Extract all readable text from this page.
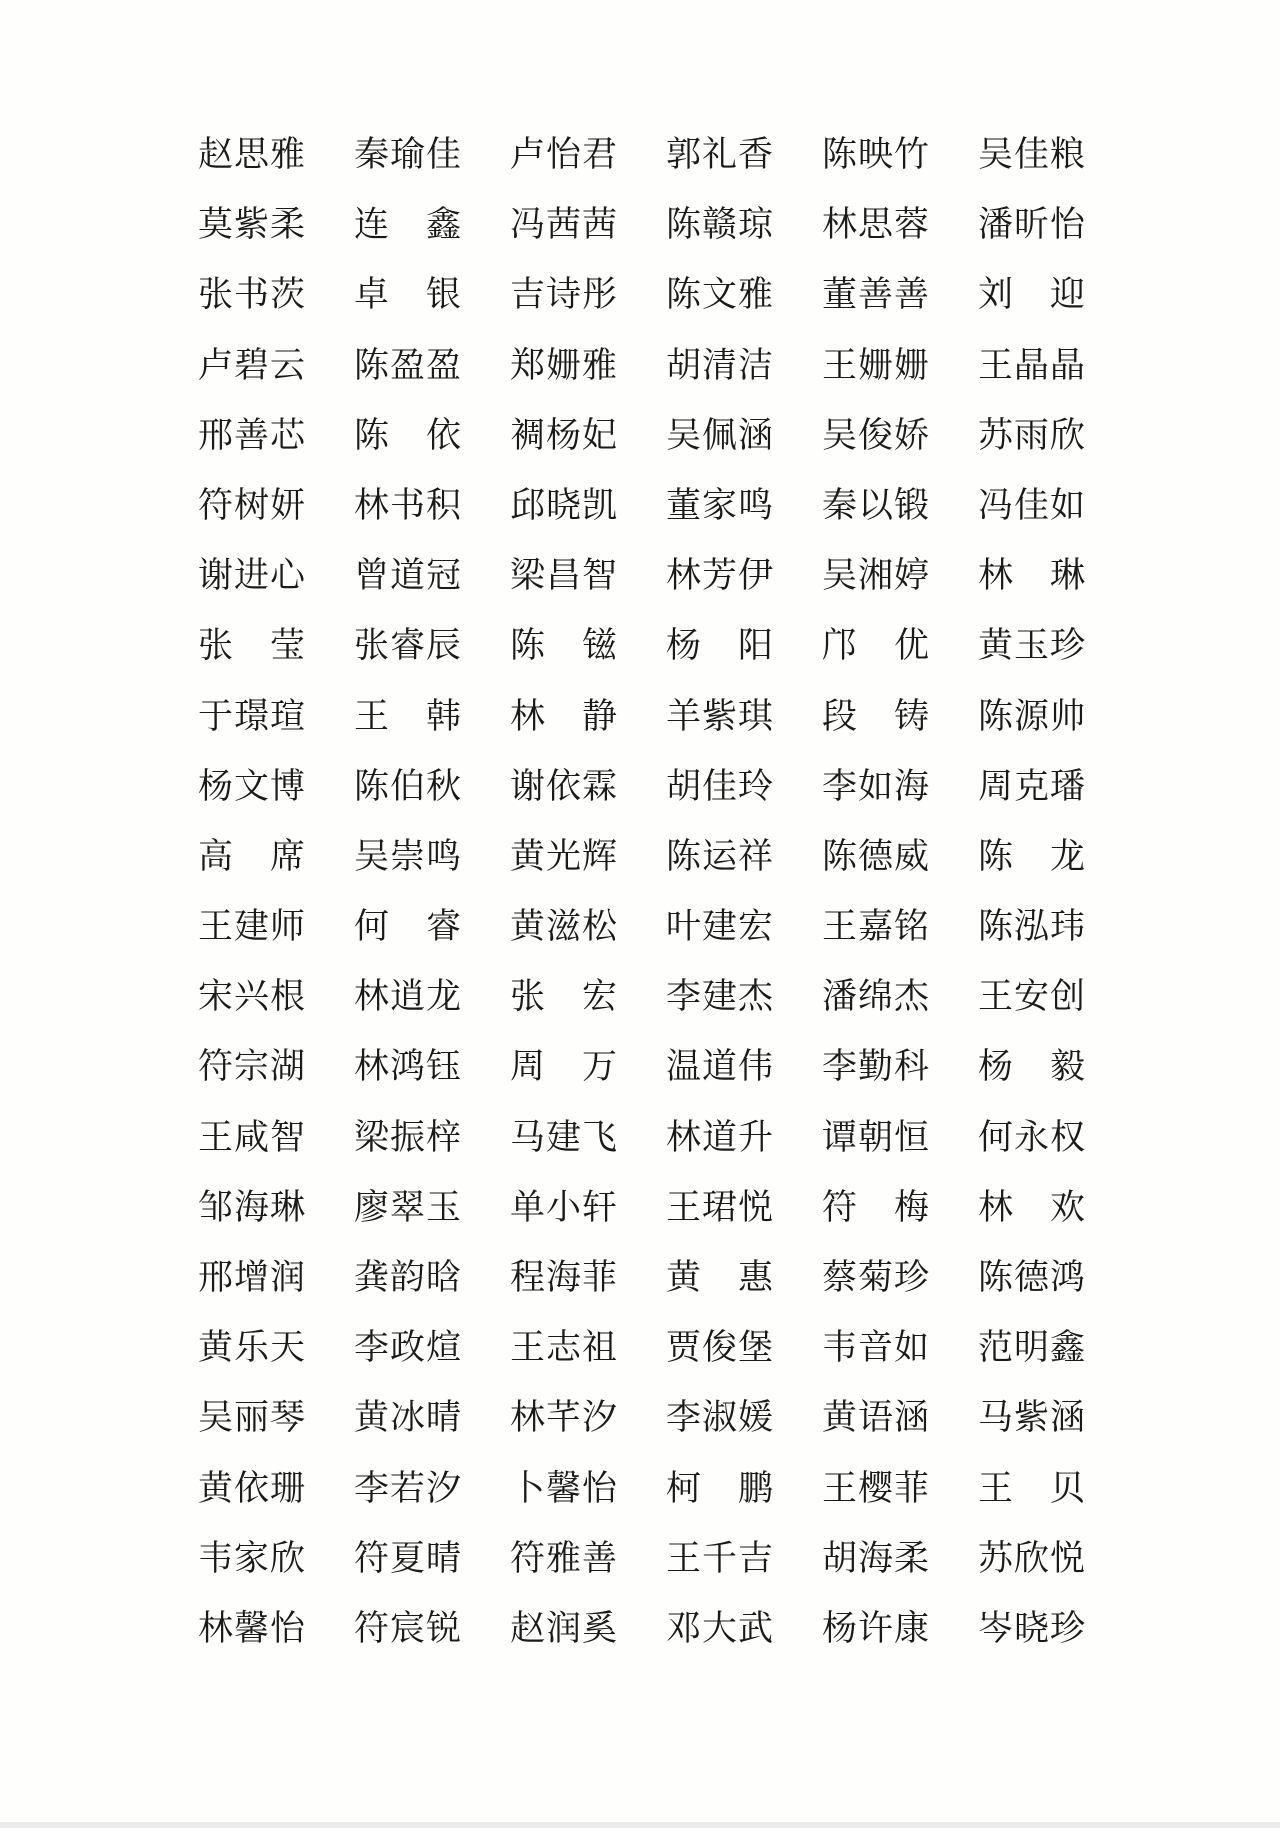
赵思雅	秦瑜佳	卢怡君	郭礼香	陈映竹	吴佳粮
莫紫柔	连　鑫	冯茜茜	陈赣琼	林思蓉	潘昕怡
张书茨	卓　银	吉诗彤	陈文雅	董善善	刘　迎
卢碧云	陈盈盈	郑姗雅	胡清洁	王姗姗	王晶晶
邢善芯	陈　依	裯杨妃	吴佩涵	吴俊娇	苏雨欣
符树妍	林书积	邱晓凯	董家鸣	秦以锻	冯佳如
谢进心	曾道冠	梁昌智	林芳伊	吴湘婷	林　琳
张　莹	张睿辰	陈　镃	杨　阳	邝　优	黄玉珍
于璟瑄	王　韩	林　静	羊紫琪	段　铸	陈源帅
杨文博	陈伯秋	谢依霖	胡佳玲	李如海	周克璠
高　席	吴崇鸣	黄光辉	陈运祥	陈德威	陈　龙
王建师	何　睿	黄滋松	叶建宏	王嘉铭	陈泓玮
宋兴根	林逍龙	张　宏	李建杰	潘绵杰	王安创
符宗湖	林鸿钰	周　万	温道伟	李勤科	杨　毅
王咸智	梁振梓	马建飞	林道升	谭朝恒	何永权
邹海琳	廖翠玉	单小轩	王珺悦	符　梅	林　欢
邢增润	龚韵晗	程海菲	黄　惠	蔡菊珍	陈德鸿
黄乐天	李政煊	王志祖	贾俊堡	韦音如	范明鑫
吴丽琴	黄冰晴	林芊汐	李淑媛	黄语涵	马紫涵
黄依珊	李若汐	卜馨怡	柯　鹏	王樱菲	王　贝
韦家欣	符夏晴	符雅善	王千吉	胡海柔	苏欣悦
林馨怡	符宸锐	赵润奚	邓大武	杨许康	岑晓珍
